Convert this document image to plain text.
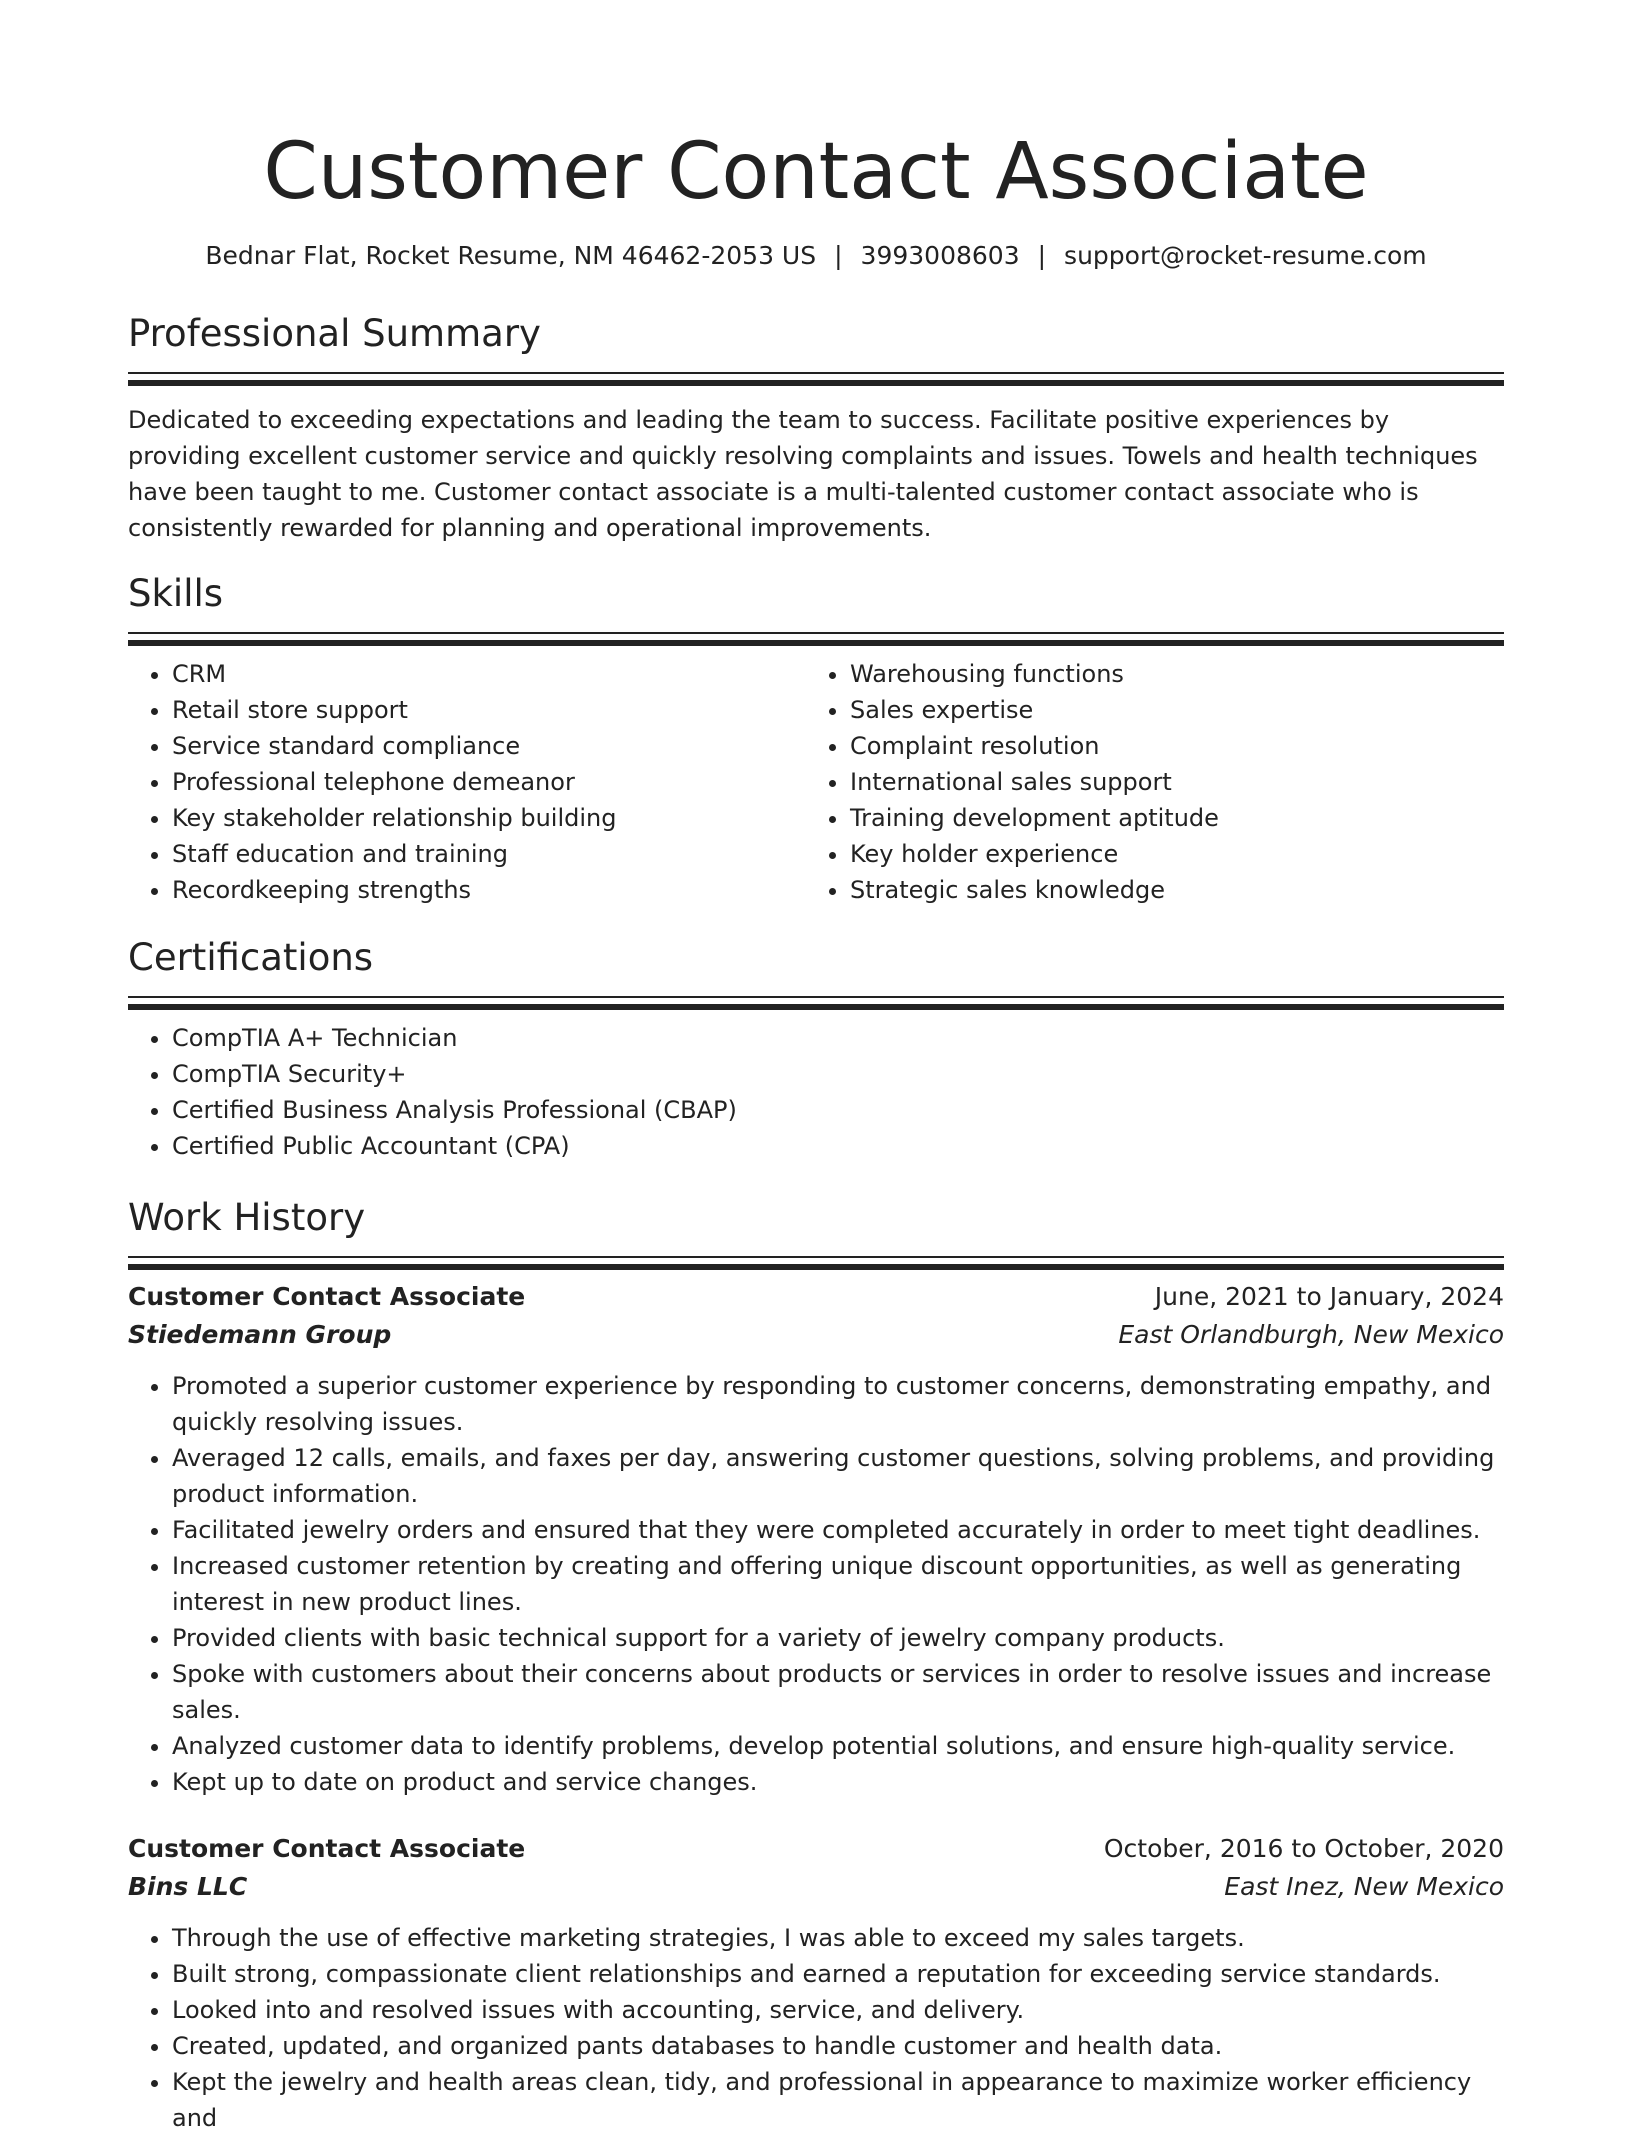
Customer Contact Associate
Bednar Flat, Rocket Resume, NM 46462-2053 US | 3993008603 | support@rocket-resume.com
Professional Summary

Dedicated to exceeding expectations and leading the team to success. Facilitate positive experiences by providing excellent customer service and quickly resolving complaints and issues. Towels and health techniques have been taught to me. Customer contact associate is a multi-talented customer contact associate who is consistently rewarded for planning and operational improvements.

Skills
• CRM
• Retail store support
• Service standard compliance
• Professional telephone demeanor
• Key stakeholder relationship building
• Staff education and training
• Recordkeeping strengths
• Warehousing functions
• Sales expertise
• Complaint resolution
• International sales support
• Training development aptitude
• Key holder experience
• Strategic sales knowledge
Certifications
• CompTIA A+ Technician
• CompTIA Security+
• Certified Business Analysis Professional (CBAP)
• Certified Public Accountant (CPA)
Work History
Customer Contact Associate	June, 2021 to January, 2024
Stiedemann Group	East Orlandburgh, New Mexico
• Promoted a superior customer experience by responding to customer concerns, demonstrating empathy, and quickly resolving issues.
• Averaged 12 calls, emails, and faxes per day, answering customer questions, solving problems, and providing product information.
• Facilitated jewelry orders and ensured that they were completed accurately in order to meet tight deadlines.
• Increased customer retention by creating and offering unique discount opportunities, as well as generating interest in new product lines.
• Provided clients with basic technical support for a variety of jewelry company products.
• Spoke with customers about their concerns about products or services in order to resolve issues and increase sales.
• Analyzed customer data to identify problems, develop potential solutions, and ensure high-quality service.
• Kept up to date on product and service changes.
Customer Contact Associate	October, 2016 to October, 2020
Bins LLC	East Inez, New Mexico
• Through the use of effective marketing strategies, I was able to exceed my sales targets.
• Built strong, compassionate client relationships and earned a reputation for exceeding service standards.
• Looked into and resolved issues with accounting, service, and delivery.
• Created, updated, and organized pants databases to handle customer and health data.
• Kept the jewelry and health areas clean, tidy, and professional in appearance to maximize worker efficiency and
